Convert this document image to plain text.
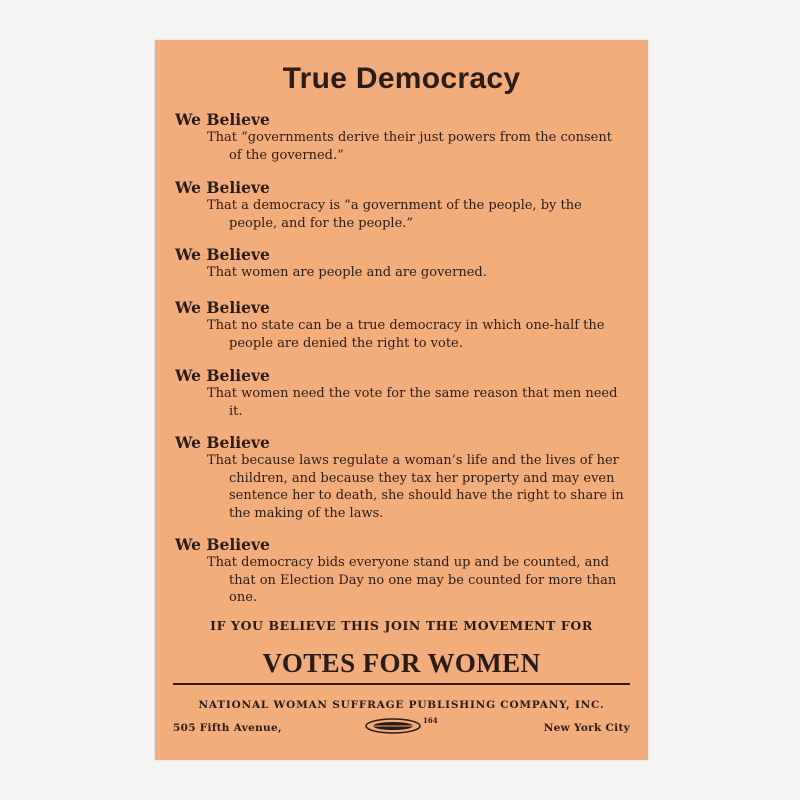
True Democracy
We Believe
That “governments derive their just powers from the consent of the governed.”
We Believe
That a democracy is “a government of the people, by the people, and for the people.”
We Believe
That women are people and are governed.
We Believe
That no state can be a true democracy in which one-half the people are denied the right to vote.
We Believe
That women need the vote for the same reason that men need it.
We Believe
That because laws regulate a woman’s life and the lives of her children, and because they tax her property and may even sentence her to death, she should have the right to share in the making of the laws.
We Believe
That democracy bids everyone stand up and be counted, and that on Election Day no one may be counted for more than one.
IF YOU BELIEVE THIS JOIN THE MOVEMENT FOR
VOTES FOR WOMEN
NATIONAL WOMAN SUFFRAGE PUBLISHING COMPANY, INC.
505 Fifth Avenue,
164
New York City
